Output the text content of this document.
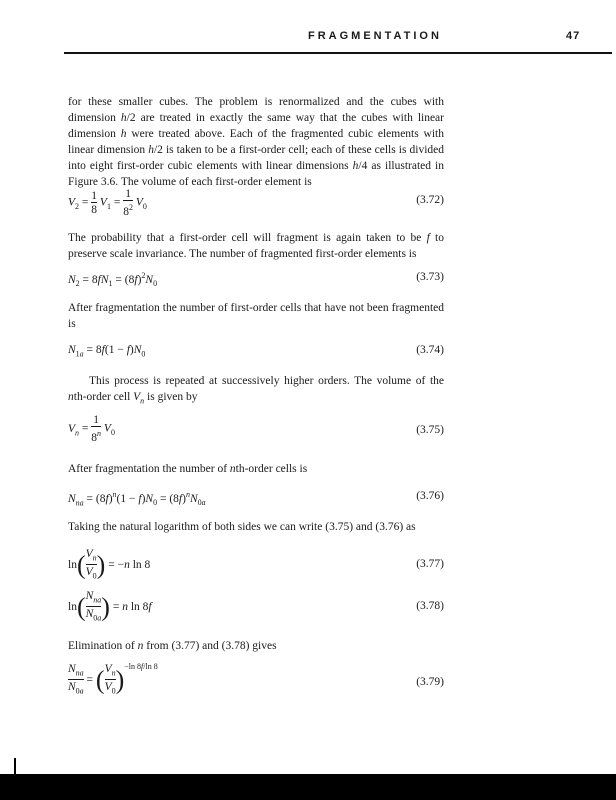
FRAGMENTATION	47
for these smaller cubes. The problem is renormalized and the cubes with dimension h/2 are treated in exactly the same way that the cubes with linear dimension h were treated above. Each of the fragmented cubic elements with linear dimension h/2 is taken to be a first-order cell; each of these cells is divided into eight first-order cubic elements with linear dimensions h/4 as illustrated in Figure 3.6. The volume of each first-order element is
$V_2 = \frac{1}{8} V_1 = \frac{1}{8^2} V_0$
(3.72)
The probability that a first-order cell will fragment is again taken to be f to preserve scale invariance. The number of fragmented first-order elements is
$N_2 = 8fN_1 = (8f)^2N_0$
(3.73)
After fragmentation the number of first-order cells that have not been fragmented is
$N_{1a} = 8f(1 - f)N_0$	(3.74)
This process is repeated at successively higher orders. The volume of the nth-order cell $V_n$ is given by
$V_n = \frac{1}{8^n} V_0$	(3.75)
After fragmentation the number of nth-order cells is
$N_{na} = (8f)^n(1 - f)N_0 = (8f)^nN_{0a}$
(3.76)
Taking the natural logarithm of both sides we can write (3.75) and (3.76) as
$\ln( \frac{V_n}{V_0}$ ) = −n ln 8	(3.77)
$\ln( \frac{N_{na}}{N_{0a}}$ ) = n ln 8f	(3.78)
Elimination of n from (3.77) and (3.78) gives
$\frac{N_{na}}{N_{0a}}$ = ( $\frac{V_n}{V_0} )^{-ln 8f/ln 8}$
(3.79)
